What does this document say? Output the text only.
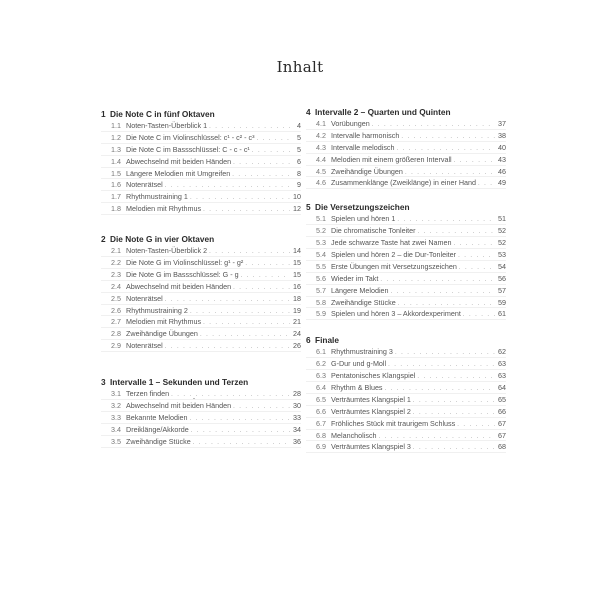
Inhalt
1 Die Note C in fünf Oktaven
1.1 Noten-Tasten-Überblick 1 . . .	4
1.2 Die Note C im Violinschlüssel: c¹ - c² - c³ . . .	5
1.3 Die Note C im Bassschlüssel: C - c - c¹ . . .	5
1.4 Abwechselnd mit beiden Händen . . .	6
1.5 Längere Melodien mit Umgreifen . . .	8
1.6 Notenrätsel . . .	9
1.7 Rhythmustraining 1 . . .	10
1.8 Melodien mit Rhythmus . . .	12
2 Die Note G in vier Oktaven
2.1 Noten-Tasten-Überblick 2 . . .	14
2.2 Die Note G im Violinschlüssel: g¹ - g² . . .	15
2.3 Die Note G im Bassschlüssel: G - g . . .	15
2.4 Abwechselnd mit beiden Händen . . .	16
2.5 Notenrätsel . . .	18
2.6 Rhythmustraining 2 . . .	19
2.7 Melodien mit Rhythmus . . .	21
2.8 Zweihändige Übungen . . .	24
2.9 Notenrätsel . . .	26
3 Intervalle 1 – Sekunden und Terzen
3.1 Terzen finden . . .	28
3.2 Abwechselnd mit beiden Händen . . .	30
3.3 Bekannte Melodien . . .	33
3.4 Dreiklänge/Akkorde . . .	34
3.5 Zweihändige Stücke . . .	36
4 Intervalle 2 – Quarten und Quinten
4.1 Vorübungen . . .	37
4.2 Intervalle harmonisch . . .	38
4.3 Intervalle melodisch . . .	40
4.4 Melodien mit einem größeren Intervall . . .	43
4.5 Zweihändige Übungen . . .	46
4.6 Zusammenklänge (Zweiklänge) in einer Hand . . .	49
5 Die Versetzungszeichen
5.1 Spielen und hören 1 . . .	51
5.2 Die chromatische Tonleiter . . .	52
5.3 Jede schwarze Taste hat zwei Namen . . .	52
5.4 Spielen und hören 2 – die Dur-Tonleiter . . .	53
5.5 Erste Übungen mit Versetzungszeichen . . .	54
5.6 Wieder im Takt . . .	56
5.7 Längere Melodien . . .	57
5.8 Zweihändige Stücke . . .	59
5.9 Spielen und hören 3 – Akkordexperiment . . .	61
6 Finale
6.1 Rhythmustraining 3 . . .	62
6.2 G-Dur und g-Moll . . .	63
6.3 Pentatonisches Klangspiel . . .	63
6.4 Rhythm & Blues . . .	64
6.5 Verträumtes Klangspiel 1 . . .	65
6.6 Verträumtes Klangspiel 2 . . .	66
6.7 Fröhliches Stück mit traurigem Schluss . . .	67
6.8 Melancholisch . . .	67
6.9 Verträumtes Klangspiel 3 . . .	68
